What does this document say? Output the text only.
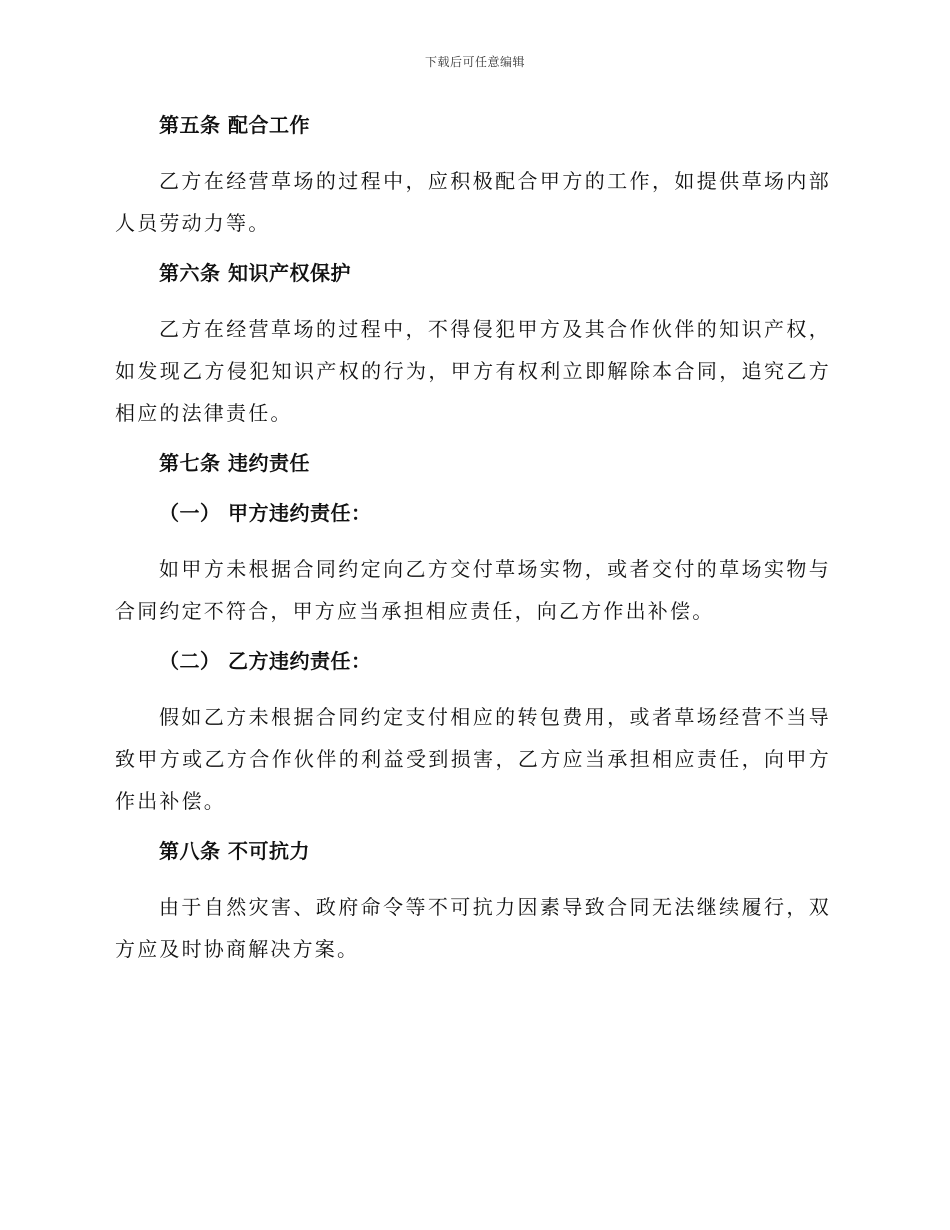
下载后可任意编辑
第五条 配合工作

乙方在经营草场的过程中，应积极配合甲方的工作，如提供草场内部人员劳动力等。

第六条 知识产权保护

乙方在经营草场的过程中，不得侵犯甲方及其合作伙伴的知识产权，如发现乙方侵犯知识产权的行为，甲方有权利立即解除本合同，追究乙方相应的法律责任。

第七条 违约责任
（一） 甲方违约责任：

如甲方未根据合同约定向乙方交付草场实物，或者交付的草场实物与合同约定不符合，甲方应当承担相应责任，向乙方作出补偿。

（二） 乙方违约责任：

假如乙方未根据合同约定支付相应的转包费用，或者草场经营不当导致甲方或乙方合作伙伴的利益受到损害，乙方应当承担相应责任，向甲方作出补偿。

第八条 不可抗力

由于自然灾害、政府命令等不可抗力因素导致合同无法继续履行，双方应及时协商解决方案。
